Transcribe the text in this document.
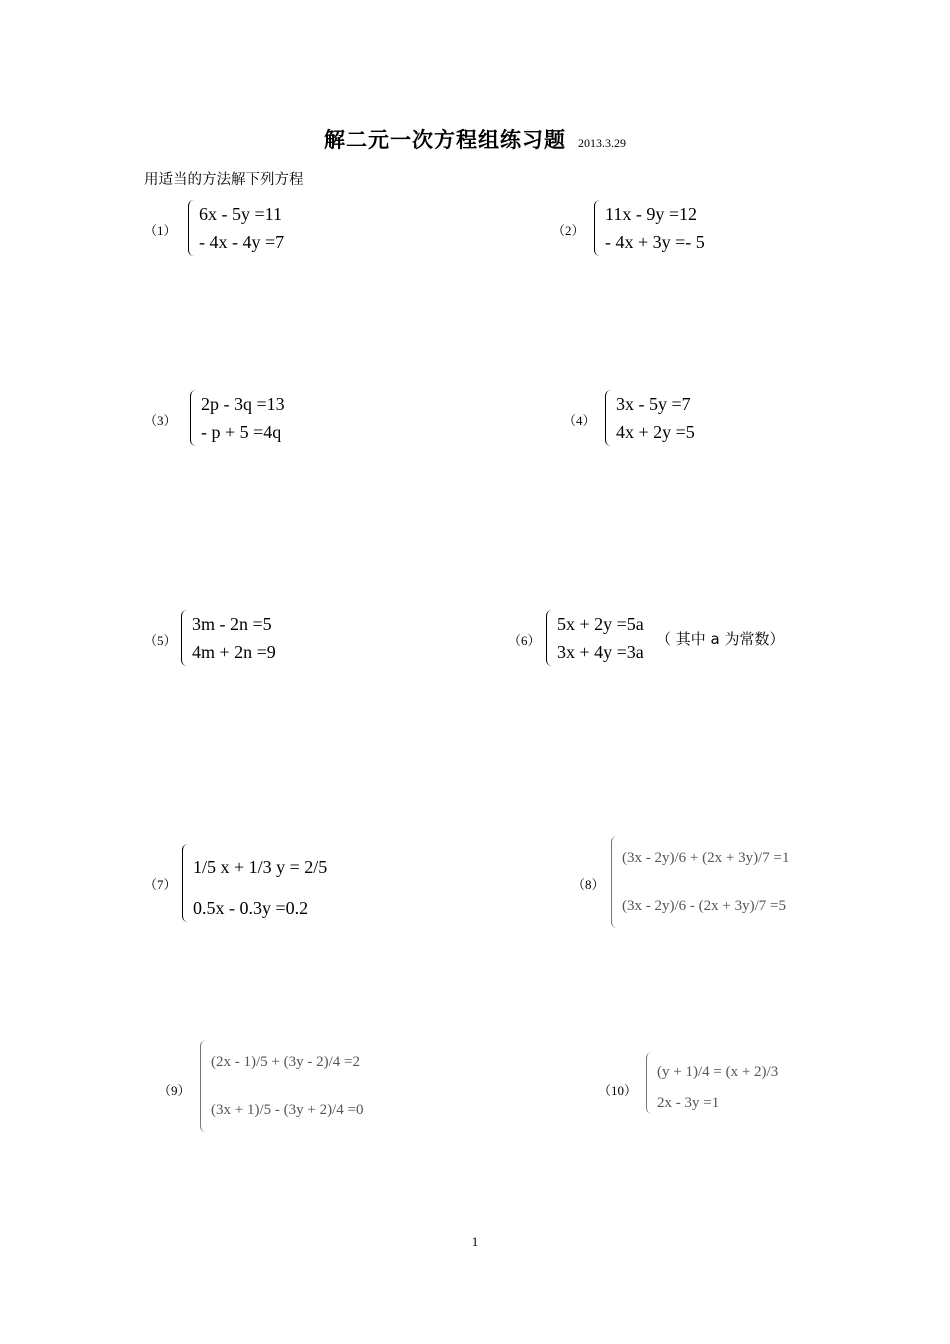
解二元一次方程组练习题 2013.3.29
用适当的方法解下列方程
（1）
6x - 5y =11
- 4x - 4y =7
（2）
11x - 9y =12
- 4x + 3y =- 5
（3）
2p - 3q =13
- p + 5 =4q
（4）
3x - 5y =7
4x + 2y =5
（5）
3m - 2n =5
4m + 2n =9
（6）
5x + 2y =5a
3x + 4y =3a
（ 其中 a 为常数）
（7）
1/5 x + 1/3 y = 2/5
0.5x - 0.3y =0.2
（8）
(3x - 2y)/6 + (2x + 3y)/7 =1
(3x - 2y)/6 - (2x + 3y)/7 =5
（9）
(2x - 1)/5 + (3y - 2)/4 =2
(3x + 1)/5 - (3y + 2)/4 =0
（10）
(y + 1)/4 = (x + 2)/3
2x - 3y =1
1
